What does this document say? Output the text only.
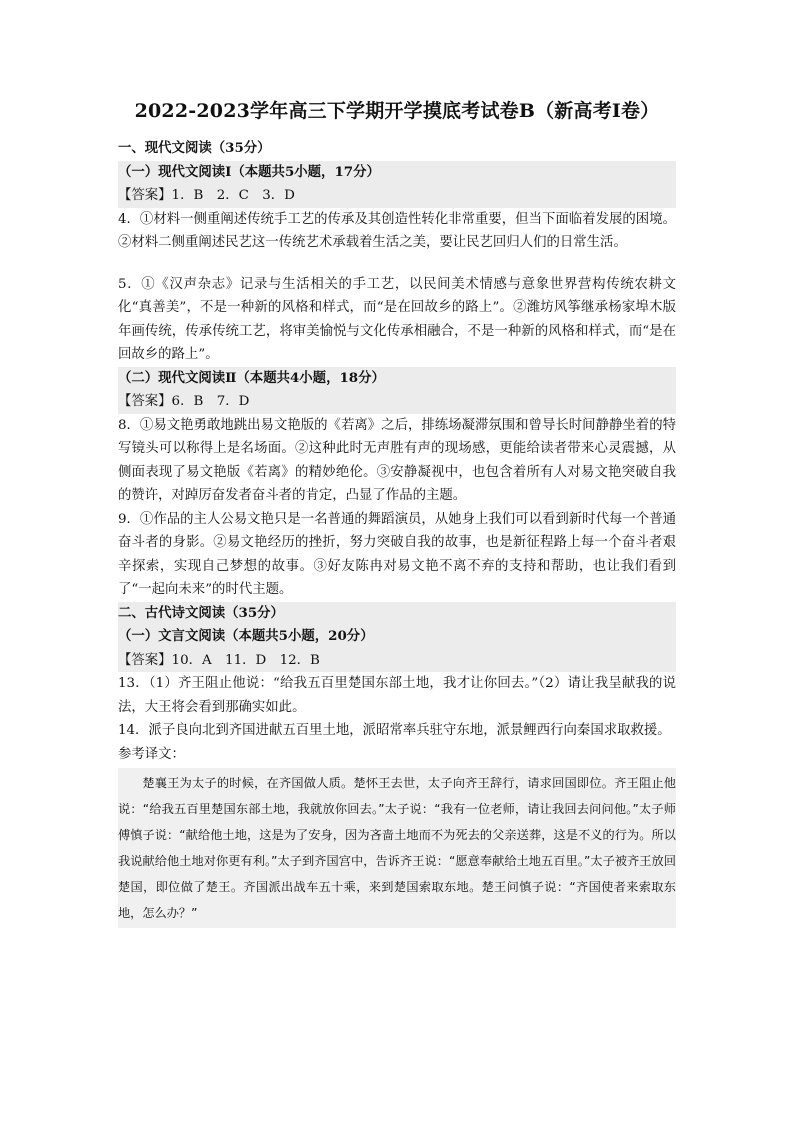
2022-2023学年高三下学期开学摸底考试卷B（新高考Ⅰ卷）
一、现代文阅读（35分）
（一）现代文阅读Ⅰ（本题共5小题，17分）
【答案】1．B　2．C　3．D
4．①材料一侧重阐述传统手工艺的传承及其创造性转化非常重要，但当下面临着发展的困境。②材料二侧重阐述民艺这一传统艺术承载着生活之美，要让民艺回归人们的日常生活。
5．①《汉声杂志》记录与生活相关的手工艺，以民间美术情感与意象世界营构传统农耕文化“真善美”，不是一种新的风格和样式，而“是在回故乡的路上”。②潍坊风筝继承杨家埠木版年画传统，传承传统工艺，将审美愉悦与文化传承相融合，不是一种新的风格和样式，而“是在回故乡的路上”。
（二）现代文阅读Ⅱ（本题共4小题，18分）
【答案】6．B　7．D
8．①易文艳勇敢地跳出易文艳版的《若离》之后，排练场凝滞氛围和曾导长时间静静坐着的特写镜头可以称得上是名场面。②这种此时无声胜有声的现场感，更能给读者带来心灵震撼，从侧面表现了易文艳版《若离》的精妙绝伦。③安静凝视中，也包含着所有人对易文艳突破自我的赞许，对踔厉奋发者奋斗者的肯定，凸显了作品的主题。
9．①作品的主人公易文艳只是一名普通的舞蹈演员，从她身上我们可以看到新时代每一个普通奋斗者的身影。②易文艳经历的挫折，努力突破自我的故事，也是新征程路上每一个奋斗者艰辛探索，实现自己梦想的故事。③好友陈冉对易文艳不离不弃的支持和帮助，也让我们看到了“一起向未来”的时代主题。
二、古代诗文阅读（35分）
（一）文言文阅读（本题共5小题，20分）
【答案】10．A　11．D　12．B
13．（1）齐王阻止他说：“给我五百里楚国东部土地，我才让你回去。”（2）请让我呈献我的说法，大王将会看到那确实如此。
14．派子良向北到齐国进献五百里土地，派昭常率兵驻守东地，派景鲤西行向秦国求取救援。
参考译文：
楚襄王为太子的时候，在齐国做人质。楚怀王去世，太子向齐王辞行，请求回国即位。齐王阻止他说：“给我五百里楚国东部土地，我就放你回去。”太子说：“我有一位老师，请让我回去问问他。”太子师傅慎子说：“献给他土地，这是为了安身，因为吝啬土地而不为死去的父亲送葬，这是不义的行为。所以我说献给他土地对你更有利。”太子到齐国宫中，告诉齐王说：“愿意奉献给土地五百里。”太子被齐王放回楚国，即位做了楚王。齐国派出战车五十乘，来到楚国索取东地。楚王问慎子说：“齐国使者来索取东地，怎么办？”
